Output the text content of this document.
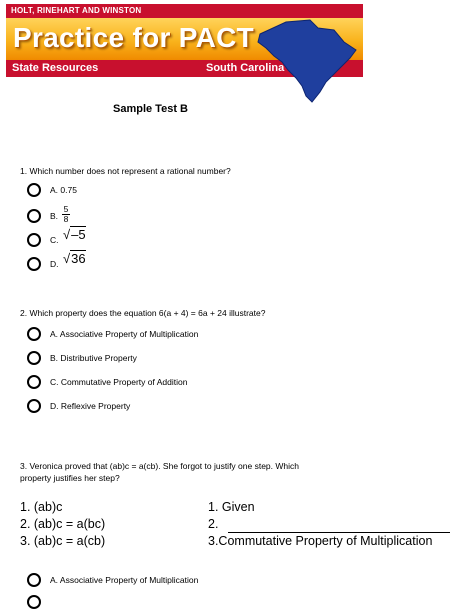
HOLT, RINEHART AND WINSTON
Practice for PACT
State Resources	South Carolina
Sample Test B
1. Which number does not represent a rational number?
A. 0.75
B. $\frac{5}{8}$
C. √–5
D. √36
2. Which property does the equation 6(a + 4) = 6a + 24 illustrate?
A. Associative Property of Multiplication
B. Distributive Property
C. Commutative Property of Addition
D. Reflexive Property
3. Veronica proved that (ab)c = a(cb). She forgot to justify one step. Which
property justifies her step?
1. (ab)c
2. (ab)c = a(bc)
3. (ab)c = a(cb)
1. Given
2.
3.Commutative Property of Multiplication
A. Associative Property of Multiplication
